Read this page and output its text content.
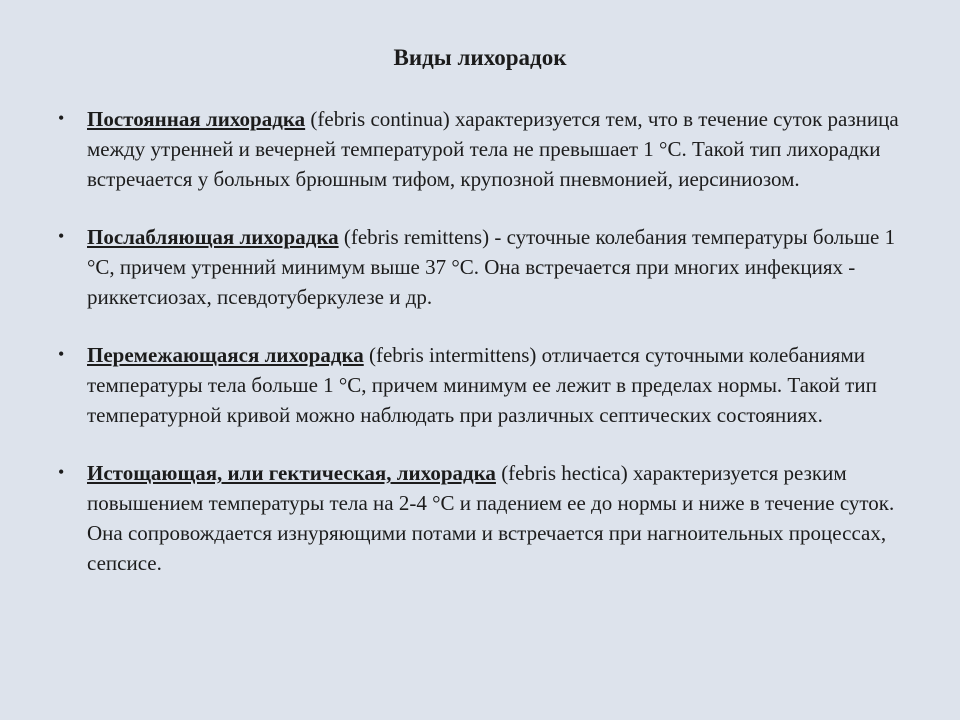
Виды лихорадок
• Постоянная лихорадка (febris continua) характеризуется тем, что в течение суток разница между утренней и вечерней температурой тела не превышает 1 °С. Такой тип лихорадки встречается у больных брюшным тифом, крупозной пневмонией, иерсиниозом.
• Послабляющая лихорадка (febris remittens) - суточные колебания температуры больше 1 °С, причем утренний минимум выше 37 °С. Она встречается при многих инфекциях - риккетсиозах, псевдотуберкулезе и др.
• Перемежающаяся лихорадка (febris intermittens) отличается суточными колебаниями температуры тела больше 1 °С, причем минимум ее лежит в пределах нормы. Такой тип температурной кривой можно наблюдать при различных септических состояниях.
• Истощающая, или гектическая, лихорадка (febris hectica) характеризуется резким повышением температуры тела на 2-4 °С и падением ее до нормы и ниже в течение суток. Она сопровождается изнуряющими потами и встречается при нагноительных процессах, сепсисе.
